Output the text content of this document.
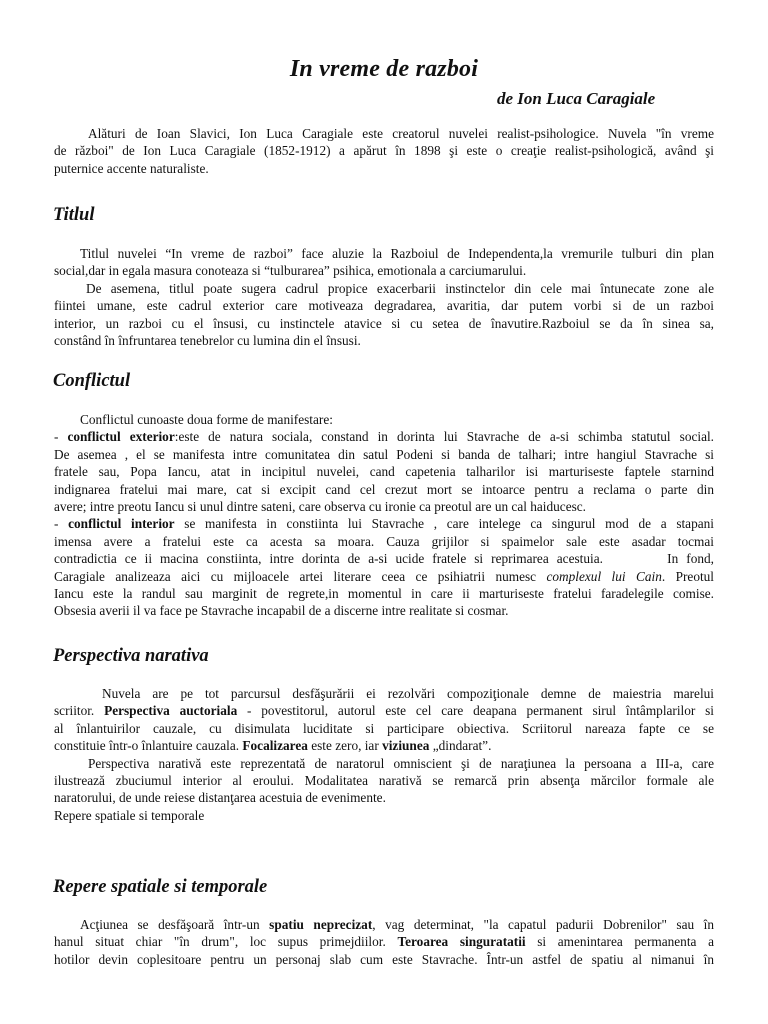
In vreme de razboi
de Ion Luca Caragiale
Alături de Ioan Slavici, Ion Luca Caragiale este creatorul nuvelei realist-psihologice. Nuvela "în vreme
de război" de Ion Luca Caragiale (1852-1912) a apărut în 1898 şi este o creaţie realist-psihologică, având şi
puternice accente naturaliste.
Titlul
Titlul nuvelei “In vreme de razboi” face aluzie la Razboiul de Independenta,la vremurile tulburi din plan
social,dar in egala masura conoteaza si “tulburarea” psihica, emotionala a carciumarului.
De asemena, titlul poate sugera cadrul propice exacerbarii instinctelor din cele mai întunecate zone ale
fiintei umane, este cadrul exterior care motiveaza degradarea, avaritia, dar putem vorbi si de un razboi
interior, un razboi cu el însusi, cu instinctele atavice si cu setea de înavutire.Razboiul se da în sinea sa,
constând în înfruntarea tenebrelor cu lumina din el însusi.
Conflictul
Conflictul cunoaste doua forme de manifestare:
- conflictul exterior:este de natura sociala, constand in dorinta lui Stavrache de a-si schimba statutul social.
De asemea , el se manifesta intre comunitatea din satul Podeni si banda de talhari; intre hangiul Stavrache si
fratele sau, Popa Iancu, atat in incipitul nuvelei, cand capetenia talharilor isi marturiseste faptele starnind
indignarea fratelui mai mare, cat si excipit cand cel crezut mort se intoarce pentru a reclama o parte din
avere; intre preotu Iancu si unul dintre sateni, care observa cu ironie ca preotul are un cal haiducesc.
- conflictul interior se manifesta in constiinta lui Stavrache , care intelege ca singurul mod de a stapani
imensa avere a fratelui este ca acesta sa moara. Cauza grijilor si spaimelor sale este asadar tocmai
contradictia ce ii macina constiinta, intre dorinta de a-si ucide fratele si reprimarea acestuia.        In fond,
Caragiale analizeaza aici cu mijloacele artei literare ceea ce psihiatrii numesc complexul lui Cain. Preotul
Iancu este la randul sau marginit de regrete,in momentul in care ii marturiseste fratelui faradelegile comise.
Obsesia averii il va face pe Stavrache incapabil de a discerne intre realitate si cosmar.
Perspectiva narativa
Nuvela are pe tot parcursul desfăşurării ei rezolvări compoziţionale demne de maiestria marelui
scriitor. Perspectiva auctoriala - povestitorul, autorul este cel care deapana permanent sirul întâmplarilor si
al înlantuirilor cauzale, cu disimulata luciditate si participare obiectiva. Scriitorul nareaza fapte ce se
constituie într-o înlantuire cauzala. Focalizarea este zero, iar viziunea „dindarat”.
Perspectiva narativă este reprezentată de naratorul omniscient şi de naraţiunea la persoana a III-a, care
ilustrează zbuciumul interior al eroului. Modalitatea narativă se remarcă prin absenţa mărcilor formale ale
naratorului, de unde reiese distanţarea acestuia de evenimente.
Repere spatiale si temporale
Repere spatiale si temporale
Acţiunea se desfăşoară într-un spatiu neprecizat, vag determinat, "la capatul padurii Dobrenilor" sau în
hanul situat chiar "în drum", loc supus primejdiilor. Teroarea singuratatii si amenintarea permanenta a
hotilor devin coplesitoare pentru un personaj slab cum este Stavrache. Într-un astfel de spatiu al nimanui în
